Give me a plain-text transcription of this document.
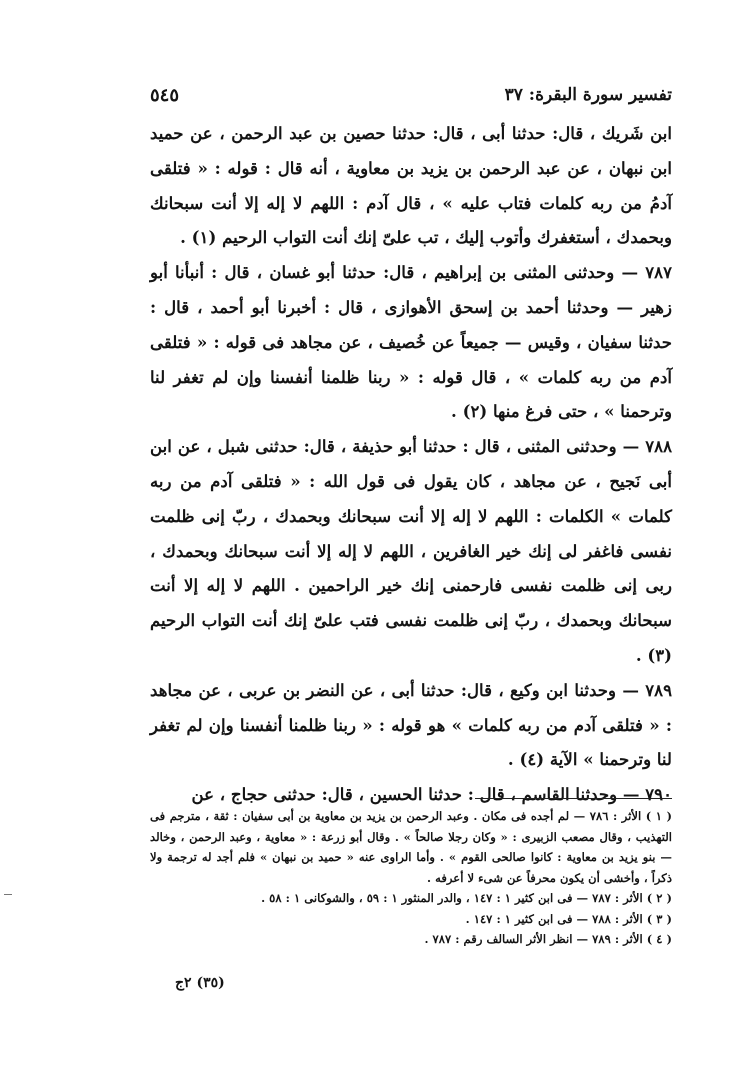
تفسير سورة البقرة: ٣٧
٥٤٥

ابن شَريك ، قال: حدثنا أبى ، قال: حدثنا حصين بن عبد الرحمن ، عن حميد ابن نبهان ، عن عبد الرحمن بن يزيد بن معاوية ، أنه قال : قوله : « فتلقى آدمُ من ربه كلمات فتاب عليه » ، قال آدم : اللهم لا إله إلا أنت سبحانك وبحمدك ، أستغفرك وأتوب إليك ، تب علىّ إنك أنت التواب الرحيم (١) .

٧٨٧ — وحدثنى المثنى بن إبراهيم ، قال: حدثنا أبو غسان ، قال : أنبأنا أبو زهير — وحدثنا أحمد بن إسحق الأهوازى ، قال : أخبرنا أبو أحمد ، قال : حدثنا سفيان ، وقيس — جميعاً عن خُصيف ، عن مجاهد فى قوله : « فتلقى آدم من ربه كلمات » ، قال قوله : « ربنا ظلمنا أنفسنا وإن لم تغفر لنا وترحمنا » ، حتى فرغ منها (٢) .

٧٨٨ — وحدثنى المثنى ، قال : حدثنا أبو حذيفة ، قال: حدثنى شبل ، عن ابن أبى نَجيح ، عن مجاهد ، كان يقول فى قول الله : « فتلقى آدم من ربه كلمات » الكلمات : اللهم لا إله إلا أنت سبحانك وبحمدك ، ربّ إنى ظلمت نفسى فاغفر لى إنك خير الغافرين ، اللهم لا إله إلا أنت سبحانك وبحمدك ، ربى إنى ظلمت نفسى فارحمنى إنك خير الراحمين . اللهم لا إله إلا أنت سبحانك وبحمدك ، ربّ إنى ظلمت نفسى فتب علىّ إنك أنت التواب الرحيم (٣) .

٧٨٩ — وحدثنا ابن وكيع ، قال: حدثنا أبى ، عن النضر بن عربى ، عن مجاهد : « فتلقى آدم من ربه كلمات » هو قوله : « ربنا ظلمنا أنفسنا وإن لم تغفر لنا وترحمنا » الآية (٤) .

٧٩٠ — وحدثنا القاسم ، قال : حدثنا الحسين ، قال: حدثنى حجاج ، عن

( ١ ) الأثر : ٧٨٦ — لم أجده فى مكان . وعبد الرحمن بن يزيد بن معاوية بن أبى سفيان : ثقة ، مترجم فى التهذيب ، وقال مصعب الزبيرى : « وكان رجلا صالحاً » . وقال أبو زرعة : « معاوية ، وعبد الرحمن ، وخالد — بنو يزيد بن معاوية : كانوا صالحى القوم » . وأما الراوى عنه « حميد بن نبهان » فلم أجد له ترجمة ولا ذكراً ، وأخشى أن يكون محرفاً عن شىء لا أعرفه .

( ٢ ) الأثر : ٧٨٧ — فى ابن كثير ١ : ١٤٧ ، والدر المنثور ١ : ٥٩ ، والشوكانى ١ : ٥٨ .

( ٣ ) الأثر : ٧٨٨ — فى ابن كثير ١ : ١٤٧ .

( ٤ ) الأثر : ٧٨٩ — انظر الأثر السالف رقم : ٧٨٧ .

(٣٥) ٢ج
